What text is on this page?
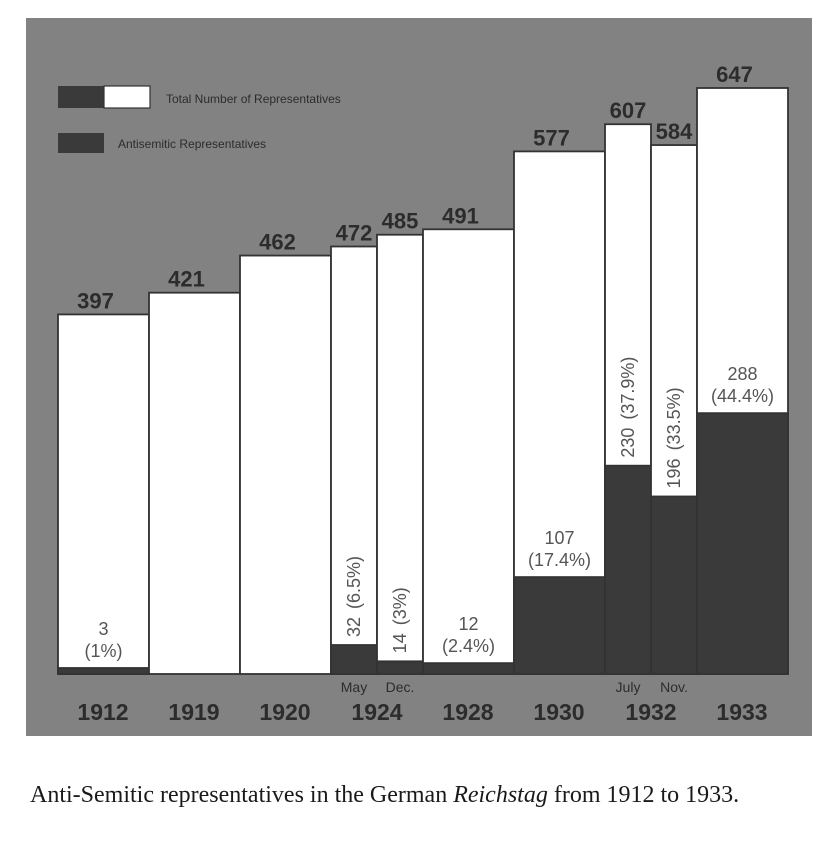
Total Number of Representatives
Antisemitic Representatives
397
3
(1%)
421
462 472
32(6.5%)
May
485
14(3%)
Dec.
491
12
(2.4%)
577
107
(17.4%)
607
230(37.9%)
July
584
196(33.5%)
Nov.
647
288
(44.4%)
1912 1919 1920 1924 1928 1930 1932 1933

Anti-Semitic representatives in the German Reichstag from 1912 to 1933.
